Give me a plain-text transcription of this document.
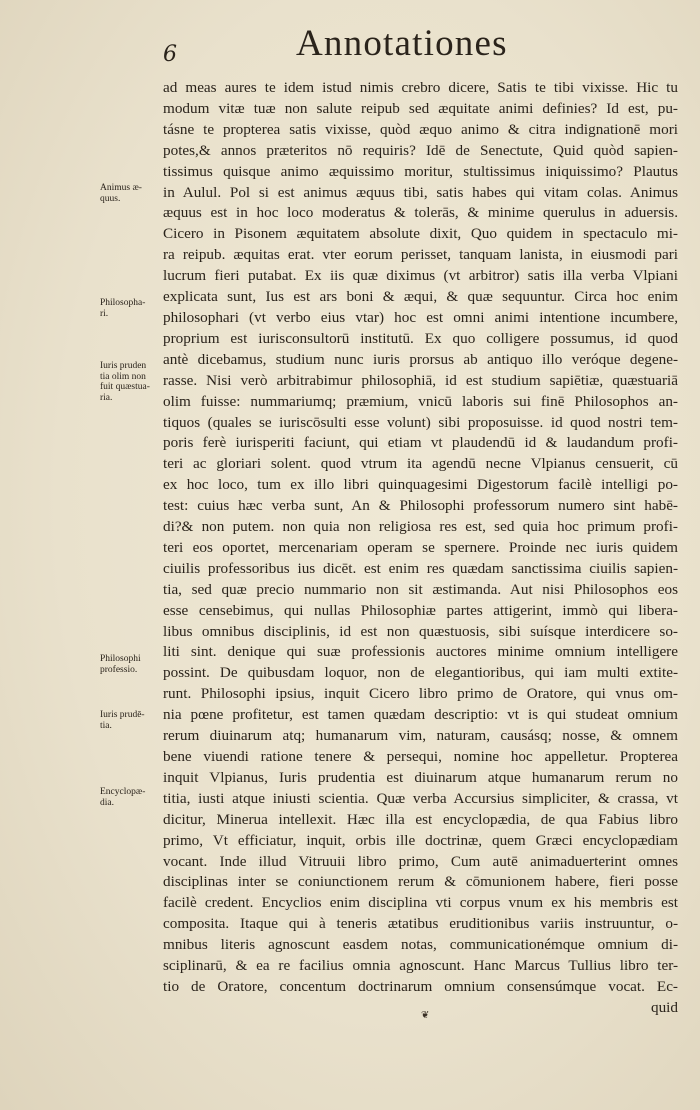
6	Annotationes
Animus æ-
quus.
Philosopha-
ri.
Iuris pruden
tia olim non
fuit quæstua-
ria.
Philosophi
professio.
Iuris prudē-
tia.
Encyclopæ-
dia.
ad meas aures te idem istud nimis crebro dicere, Satis te tibi vixisse. Hic tu
modum vitæ tuæ non salute reipub sed æquitate animi definies? Id est, pu-
tásne te propterea satis vixisse, quòd æquo animo & citra indignationē mori
potes,& annos præteritos nō requiris? Idē de Senectute, Quid quòd sapien-
tissimus quisque animo æquissimo moritur, stultissimus iniquissimo? Plautus
in Aulul. Pol si est animus æquus tibi, satis habes qui vitam colas. Animus
æquus est in hoc loco moderatus & tolerās, & minime querulus in aduersis.
Cicero in Pisonem æquitatem absolute dixit, Quo quidem in spectaculo mi-
ra reipub. æquitas erat. vter eorum perisset, tanquam lanista, in eiusmodi pari
lucrum fieri putabat. Ex iis quæ diximus (vt arbitror) satis illa verba Vlpiani
explicata sunt, Ius est ars boni & æqui, & quæ sequuntur. Circa hoc enim
philosophari (vt verbo eius vtar) hoc est omni animi intentione incumbere,
proprium est iurisconsultorū institutū. Ex quo colligere possumus, id quod
antè dicebamus, studium nunc iuris prorsus ab antiquo illo veróque degene-
rasse. Nisi verò arbitrabimur philosophiā, id est studium sapiētiæ, quæstuariā
olim fuisse: nummariumq; præmium, vnicū laboris sui finē Philosophos an-
tiquos (quales se iuriscōsulti esse volunt) sibi proposuisse. id quod nostri tem-
poris ferè iurisperiti faciunt, qui etiam vt plaudendū id & laudandum profi-
teri ac gloriari solent. quod vtrum ita agendū necne Vlpianus censuerit, cū
ex hoc loco, tum ex illo libri quinquagesimi Digestorum facilè intelligi po-
test: cuius hæc verba sunt, An & Philosophi professorum numero sint habē-
di?& non putem. non quia non religiosa res est, sed quia hoc primum profi-
teri eos oportet, mercenariam operam se spernere. Proinde nec iuris quidem
ciuilis professoribus ius dicēt. est enim res quædam sanctissima ciuilis sapien-
tia, sed quæ precio nummario non sit æstimanda. Aut nisi Philosophos eos
esse censebimus, qui nullas Philosophiæ partes attigerint, immò qui libera-
libus omnibus disciplinis, id est non quæstuosis, sibi suísque interdicere so-
liti sint. denique qui suæ professionis auctores minime omnium intelligere
possint. De quibusdam loquor, non de elegantioribus, qui iam multi extite-
runt. Philosophi ipsius, inquit Cicero libro primo de Oratore, qui vnus om-
nia pœne profitetur, est tamen quædam descriptio: vt is qui studeat omnium
rerum diuinarum atq; humanarum vim, naturam, causásq; nosse, & omnem
bene viuendi ratione tenere & persequi, nomine hoc appelletur. Propterea
inquit Vlpianus, Iuris prudentia est diuinarum atque humanarum rerum no
titia, iusti atque iniusti scientia. Quæ verba Accursius simpliciter, & crassa, vt
dicitur, Minerua intellexit. Hæc illa est encyclopædia, de qua Fabius libro
primo, Vt efficiatur, inquit, orbis ille doctrinæ, quem Græci encyclopædiam
vocant. Inde illud Vitruuii libro primo, Cum autē animaduerterint omnes
disciplinas inter se coniunctionem rerum & cōmunionem habere, fieri posse
facilè credent. Encyclios enim disciplina vti corpus vnum ex his membris est
composita. Itaque qui à teneris ætatibus eruditionibus variis instruuntur, o-
mnibus literis agnoscunt easdem notas, communicationémque omnium di-
sciplinarū, & ea re facilius omnia agnoscunt. Hanc Marcus Tullius libro ter-
tio de Oratore, concentum doctrinarum omnium consensúmque vocat. Ec-
quid
❦
